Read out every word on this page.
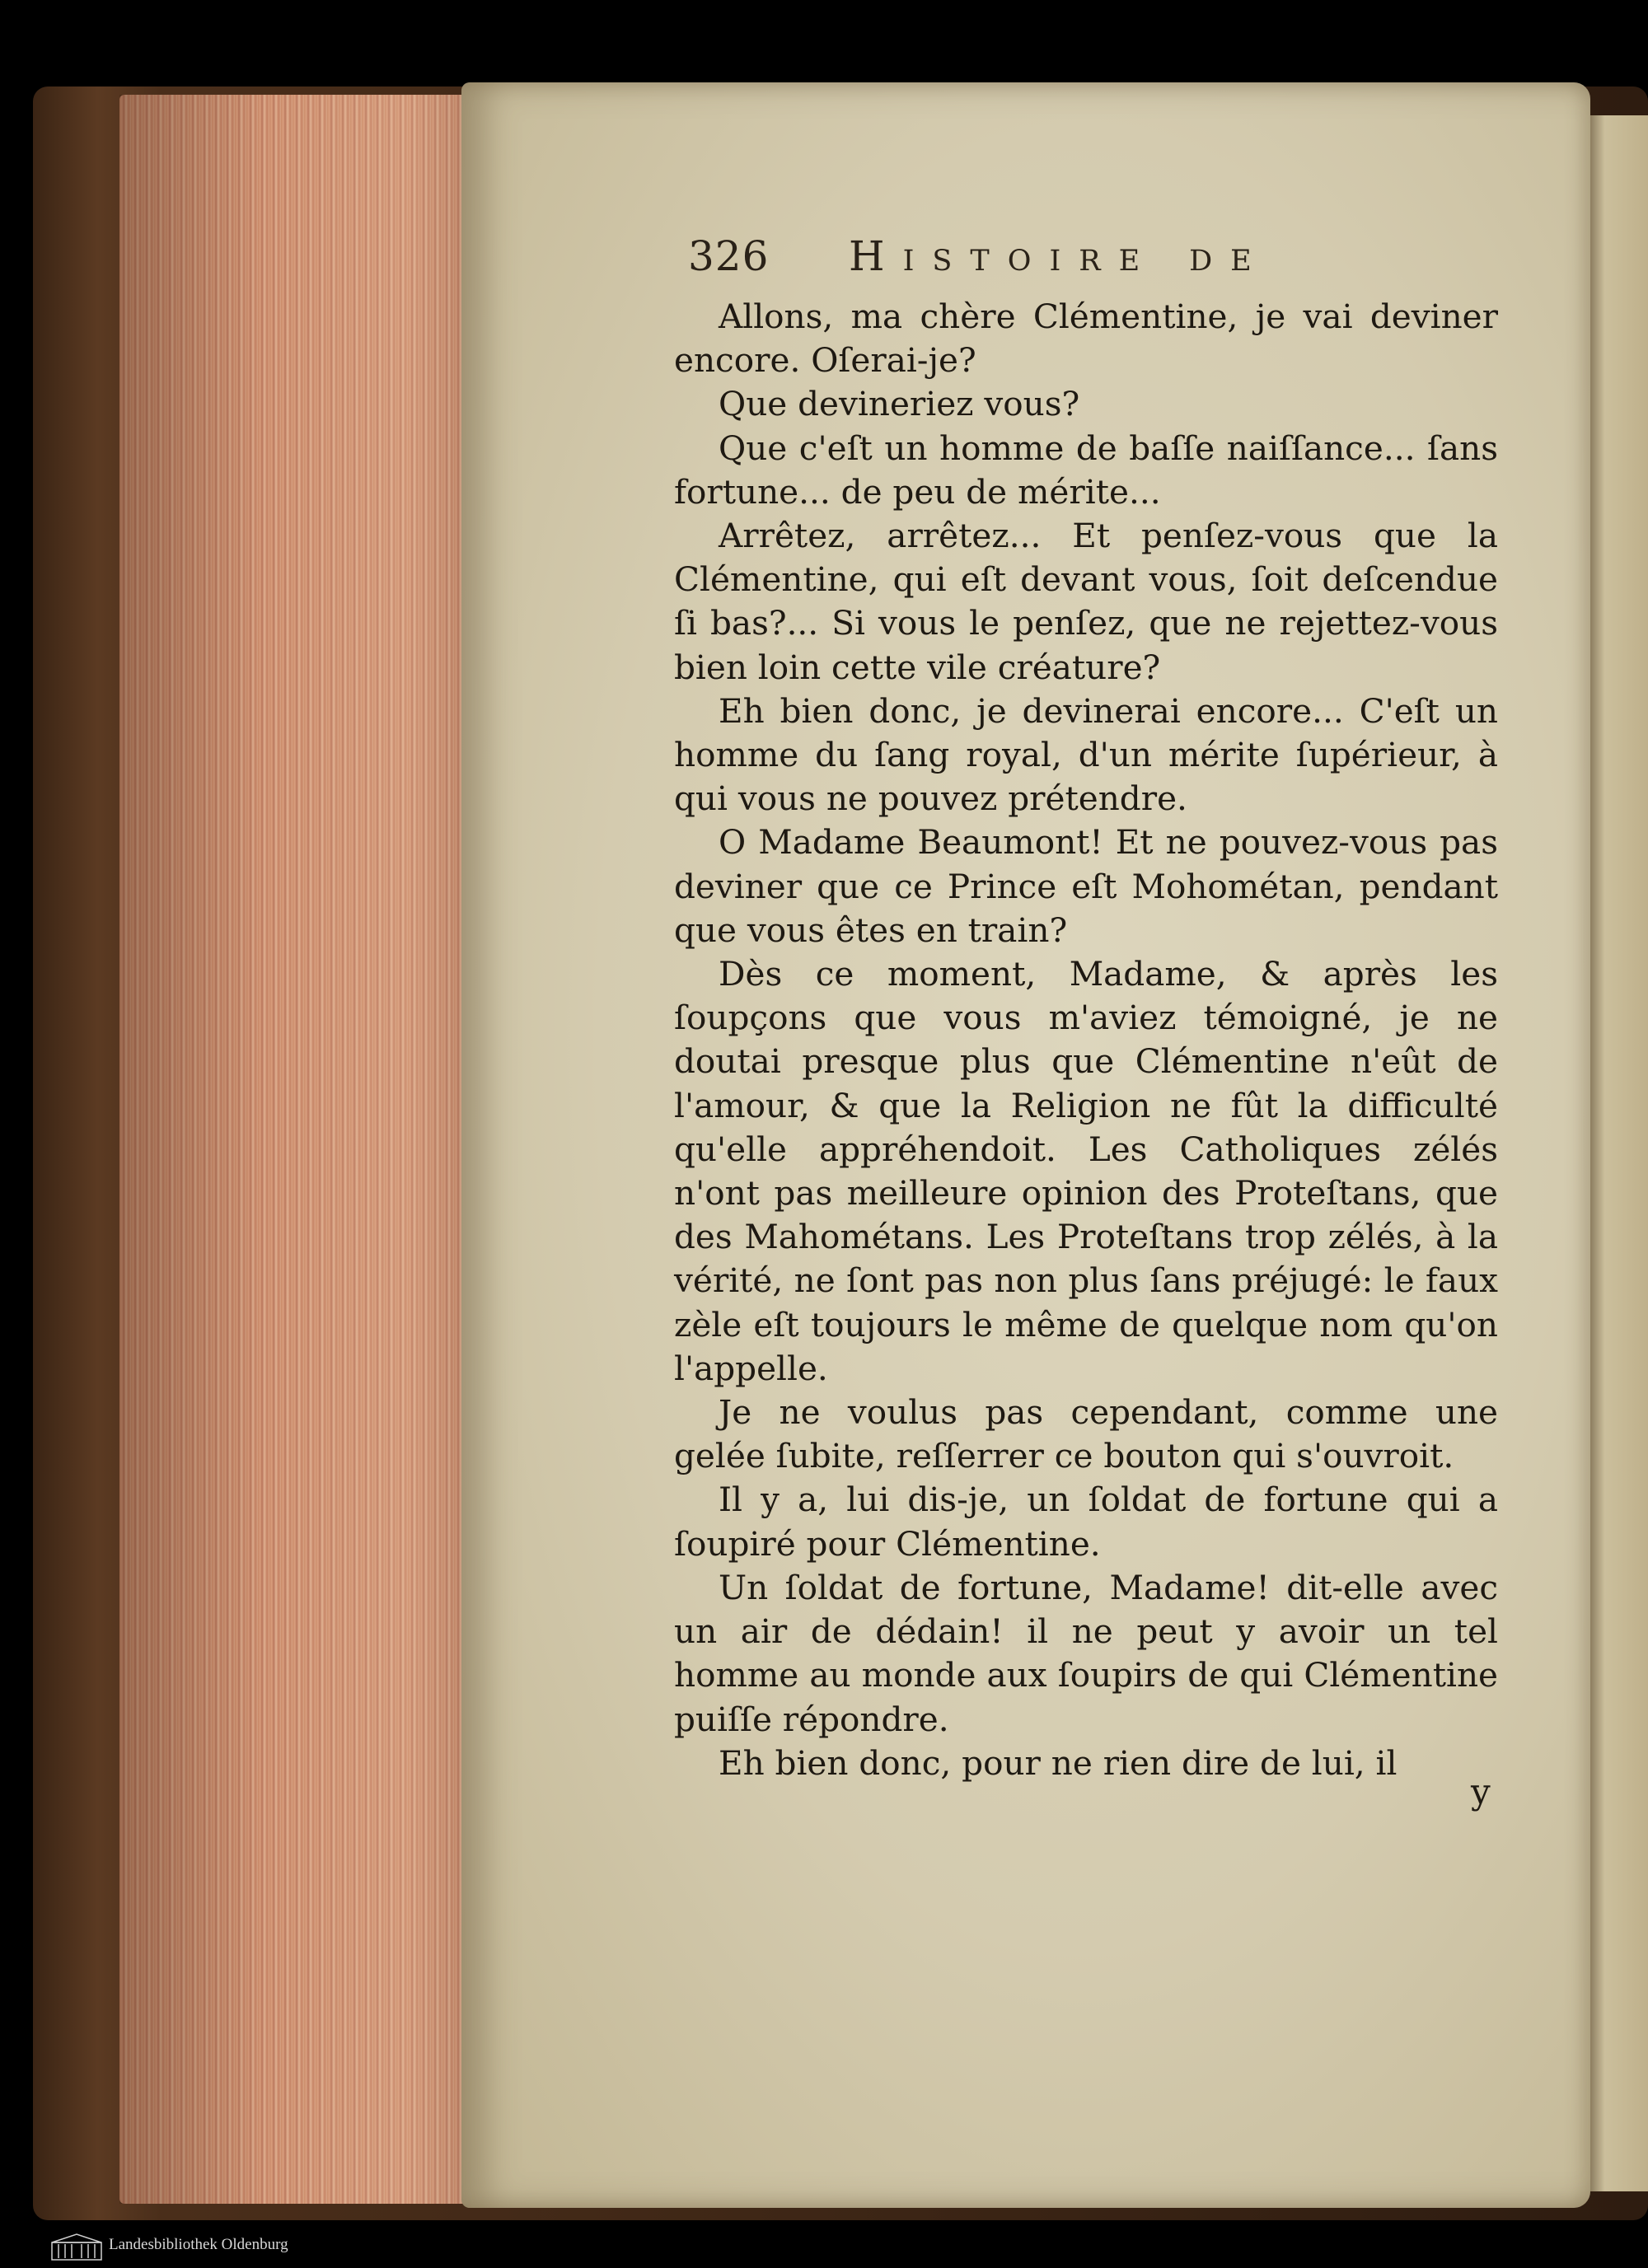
326 Histoire de

Allons, ma chère Clémentine, je vai deviner encore. Oſerai-je?

Que devineriez vous?

Que c'eſt un homme de baſſe naiſſance... ſans fortune... de peu de mérite...

Arrêtez, arrêtez... Et penſez-vous que la Clémentine, qui eſt devant vous, ſoit deſcendue ſi bas?... Si vous le penſez, que ne rejettez-vous bien loin cette vile créature?

Eh bien donc, je devinerai encore... C'eſt un homme du ſang royal, d'un mérite ſupérieur, à qui vous ne pouvez prétendre.

O Madame Beaumont! Et ne pouvez-vous pas deviner que ce Prince eſt Mohométan, pendant que vous êtes en train?

Dès ce moment, Madame, & après les ſoupçons que vous m'aviez témoigné, je ne doutai presque plus que Clémentine n'eût de l'amour, & que la Religion ne fût la difficulté qu'elle appréhendoit. Les Catholiques zélés n'ont pas meilleure opinion des Proteſtans, que des Mahométans. Les Proteſtans trop zélés, à la vérité, ne ſont pas non plus ſans préjugé: le faux zèle eſt toujours le même de quelque nom qu'on l'appelle.

Je ne voulus pas cependant, comme une gelée ſubite, reſſerrer ce bouton qui s'ouvroit.

Il y a, lui dis-je, un ſoldat de fortune qui a ſoupiré pour Clémentine.

Un ſoldat de fortune, Madame! dit-elle avec un air de dédain! il ne peut y avoir un tel homme au monde aux ſoupirs de qui Clémentine puiſſe répondre.

Eh bien donc, pour ne rien dire de lui, il

y
Landesbibliothek Oldenburg
